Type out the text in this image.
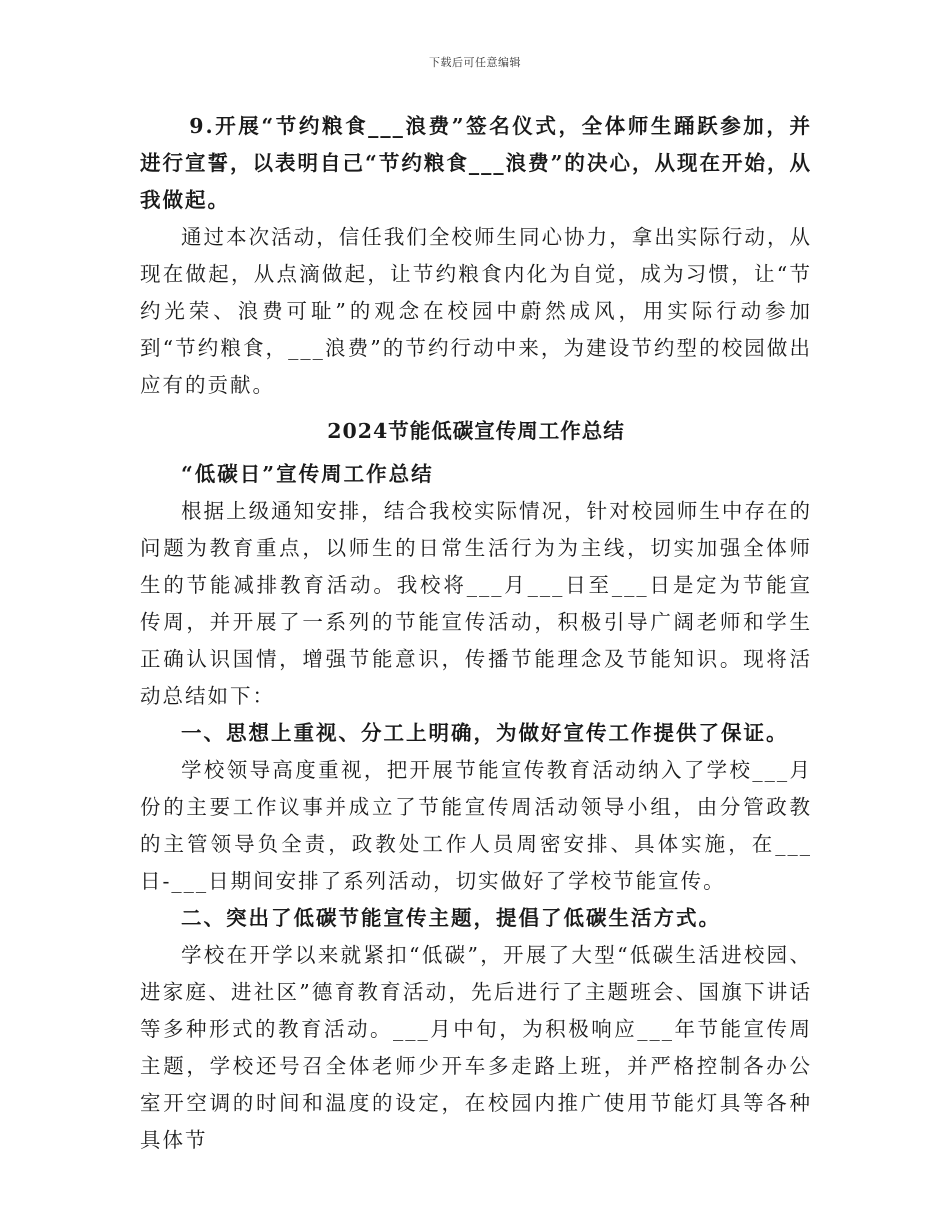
下载后可任意编辑

9.开展“节约粮食___浪费”签名仪式，全体师生踊跃参加，并进行宣誓，以表明自己“节约粮食___浪费”的决心，从现在开始，从我做起。

通过本次活动，信任我们全校师生同心协力，拿出实际行动，从现在做起，从点滴做起，让节约粮食内化为自觉，成为习惯，让“节约光荣、浪费可耻”的观念在校园中蔚然成风，用实际行动参加到“节约粮食，___浪费”的节约行动中来，为建设节约型的校园做出应有的贡献。

2024节能低碳宣传周工作总结

“低碳日”宣传周工作总结

根据上级通知安排，结合我校实际情况，针对校园师生中存在的问题为教育重点，以师生的日常生活行为为主线，切实加强全体师生的节能减排教育活动。我校将___月___日至___日是定为节能宣传周，并开展了一系列的节能宣传活动，积极引导广阔老师和学生正确认识国情，增强节能意识，传播节能理念及节能知识。现将活动总结如下：

一、思想上重视、分工上明确，为做好宣传工作提供了保证。

学校领导高度重视，把开展节能宣传教育活动纳入了学校___月份的主要工作议事并成立了节能宣传周活动领导小组，由分管政教的主管领导负全责，政教处工作人员周密安排、具体实施，在___日-___日期间安排了系列活动，切实做好了学校节能宣传。

二、突出了低碳节能宣传主题，提倡了低碳生活方式。

学校在开学以来就紧扣“低碳”，开展了大型“低碳生活进校园、进家庭、进社区”德育教育活动，先后进行了主题班会、国旗下讲话等多种形式的教育活动。___月中旬，为积极响应___年节能宣传周主题，学校还号召全体老师少开车多走路上班，并严格控制各办公室开空调的时间和温度的设定，在校园内推广使用节能灯具等各种具体节
